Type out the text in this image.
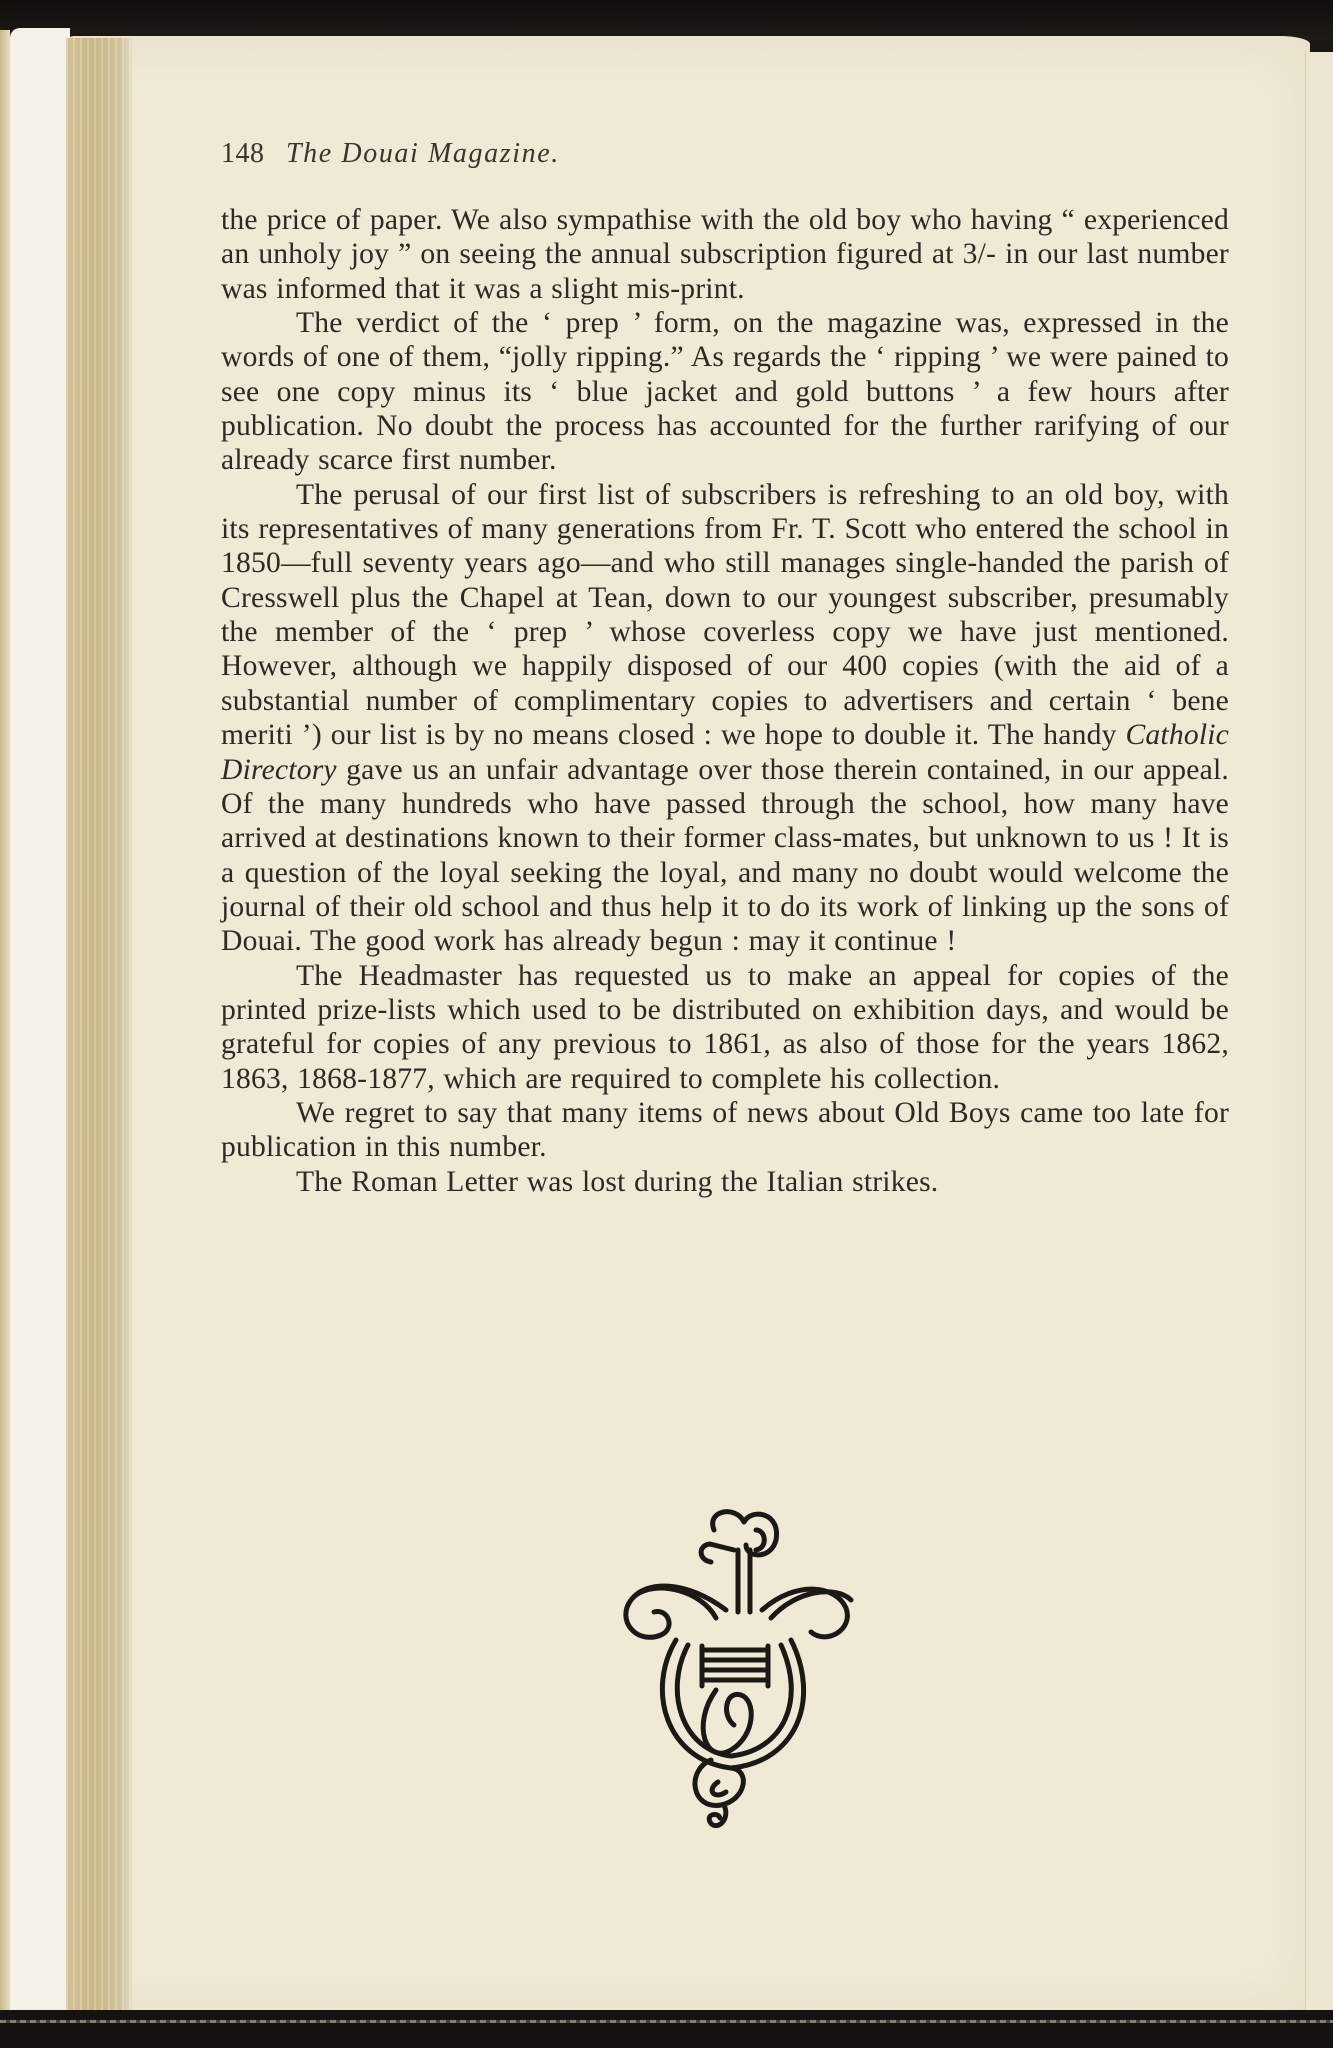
148 The Douai Magazine.

the price of paper. We also sympathise with the old boy who having “ experienced an unholy joy ” on seeing the annual subscription figured at 3/- in our last number was informed that it was a slight mis-print.

The verdict of the ‘ prep ’ form, on the magazine was, expressed in the words of one of them, “jolly ripping.” As regards the ‘ ripping ’ we were pained to see one copy minus its ‘ blue jacket and gold buttons ’ a few hours after publication. No doubt the process has accounted for the further rarifying of our already scarce first number.

The perusal of our first list of subscribers is refreshing to an old boy, with its representatives of many generations from Fr. T. Scott who entered the school in 1850—full seventy years ago—and who still manages single-handed the parish of Cresswell plus the Chapel at Tean, down to our youngest subscriber, presumably the member of the ‘ prep ’ whose coverless copy we have just mentioned. However, although we happily disposed of our 400 copies (with the aid of a substantial number of complimentary copies to advertisers and certain ‘ bene meriti ’) our list is by no means closed : we hope to double it. The handy Catholic Directory gave us an unfair advantage over those therein contained, in our appeal. Of the many hundreds who have passed through the school, how many have arrived at destinations known to their former class-mates, but unknown to us ! It is a question of the loyal seeking the loyal, and many no doubt would welcome the journal of their old school and thus help it to do its work of linking up the sons of Douai. The good work has already begun : may it continue !

The Headmaster has requested us to make an appeal for copies of the printed prize-lists which used to be distributed on exhibition days, and would be grateful for copies of any previous to 1861, as also of those for the years 1862, 1863, 1868-1877, which are required to complete his collection.

We regret to say that many items of news about Old Boys came too late for publication in this number.

The Roman Letter was lost during the Italian strikes.
